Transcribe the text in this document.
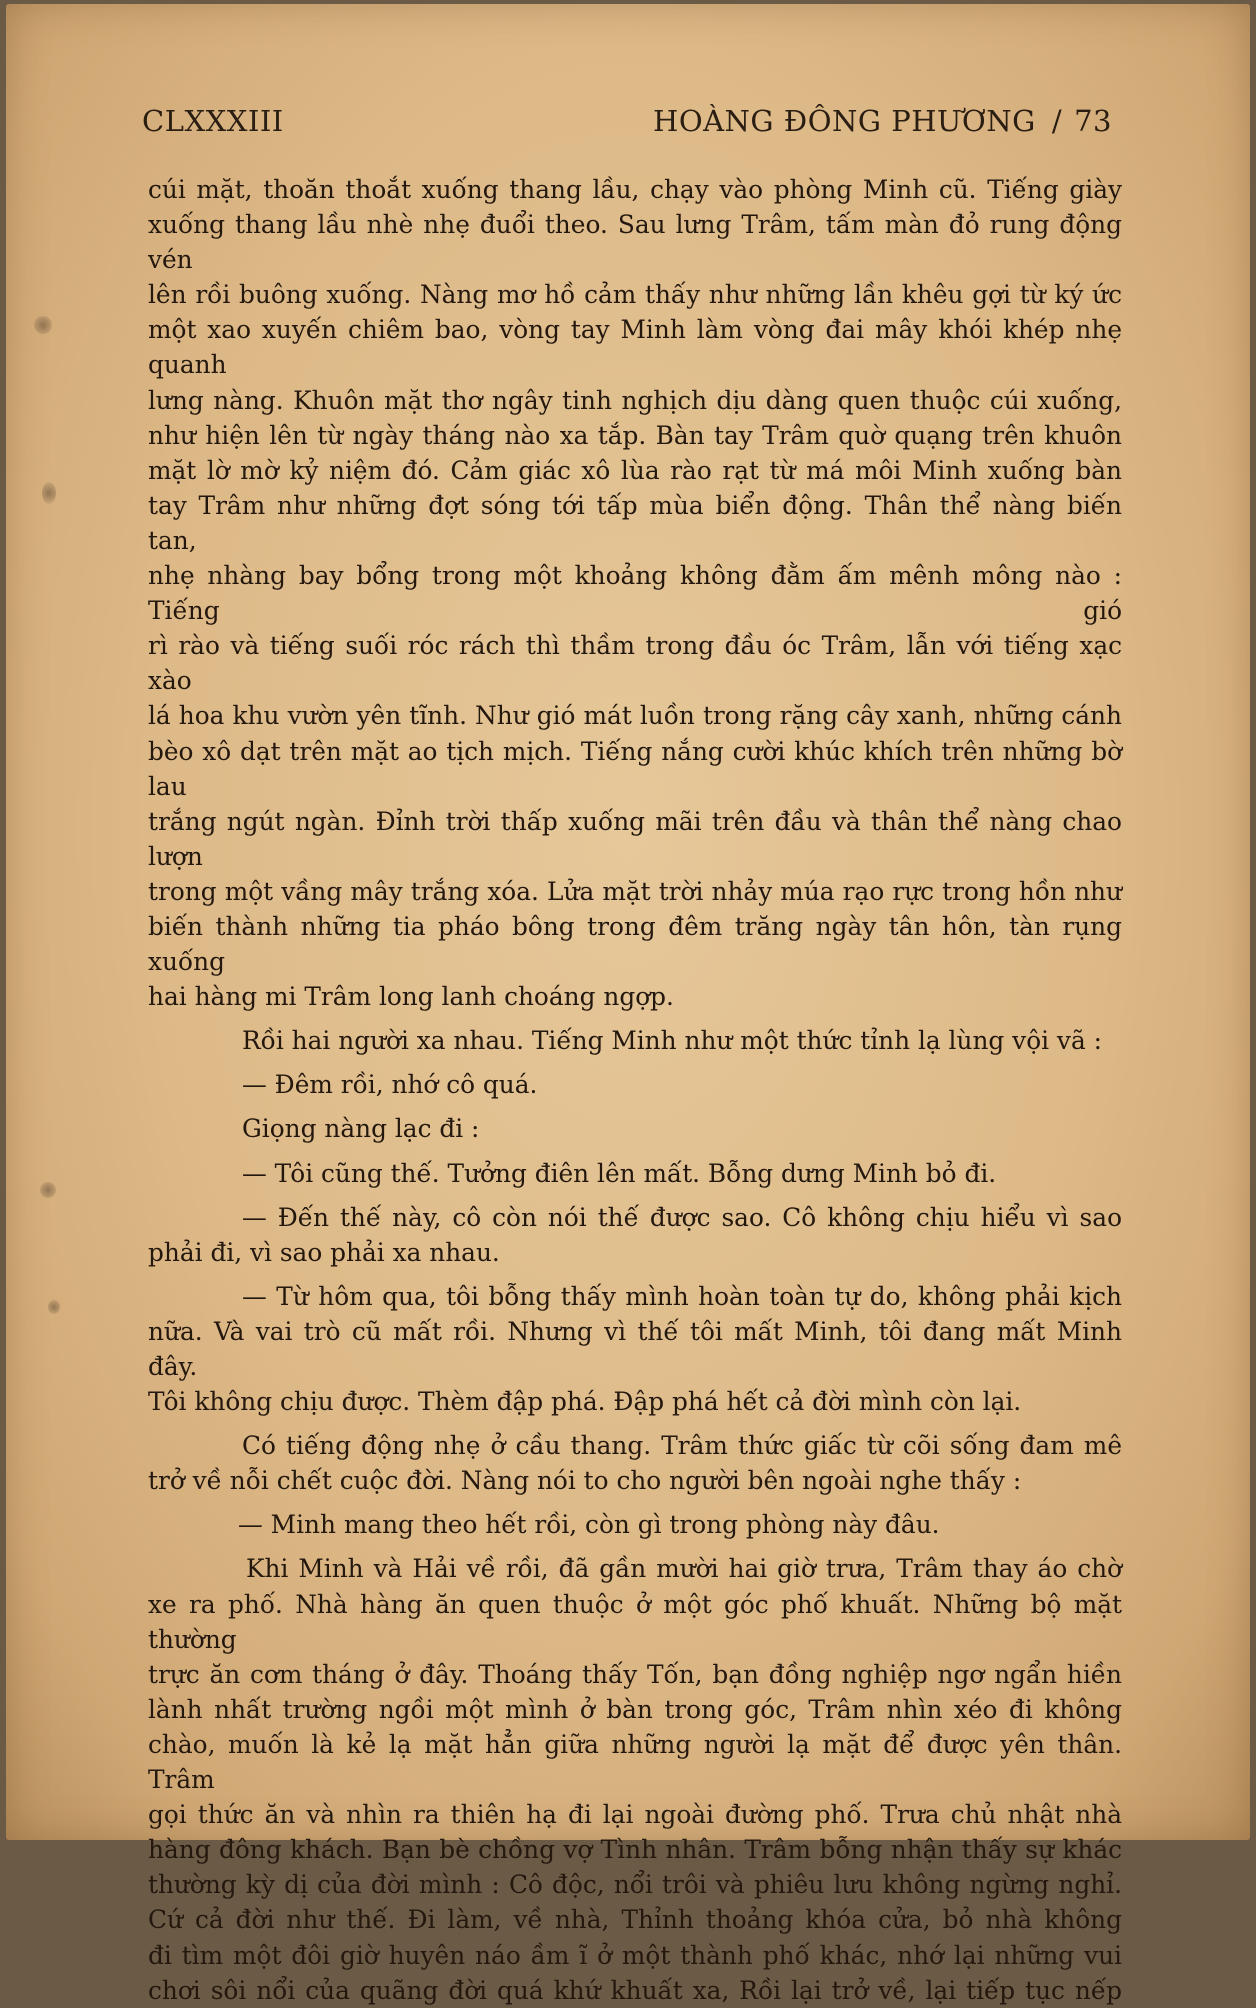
CLXXXIII	HOÀNG ĐÔNG PHƯƠNG / 73

cúi mặt, thoăn thoắt xuống thang lầu, chạy vào phòng Minh cũ. Tiếng giày
xuống thang lầu nhè nhẹ đuổi theo. Sau lưng Trâm, tấm màn đỏ rung động vén
lên rồi buông xuống. Nàng mơ hồ cảm thấy như những lần khêu gợi từ ký ức
một xao xuyến chiêm bao, vòng tay Minh làm vòng đai mây khói khép nhẹ quanh
lưng nàng. Khuôn mặt thơ ngây tinh nghịch dịu dàng quen thuộc cúi xuống,
như hiện lên từ ngày tháng nào xa tắp. Bàn tay Trâm quờ quạng trên khuôn
mặt lờ mờ kỷ niệm đó. Cảm giác xô lùa rào rạt từ má môi Minh xuống bàn
tay Trâm như những đợt sóng tới tấp mùa biển động. Thân thể nàng biến tan,
nhẹ nhàng bay bổng trong một khoảng không đằm ấm mênh mông nào : Tiếng gió
rì rào và tiếng suối róc rách thì thầm trong đầu óc Trâm, lẫn với tiếng xạc xào
lá hoa khu vườn yên tĩnh. Như gió mát luồn trong rặng cây xanh, những cánh
bèo xô dạt trên mặt ao tịch mịch. Tiếng nắng cười khúc khích trên những bờ lau
trắng ngút ngàn. Đỉnh trời thấp xuống mãi trên đầu và thân thể nàng chao lượn
trong một vầng mây trắng xóa. Lửa mặt trời nhảy múa rạo rực trong hồn như
biến thành những tia pháo bông trong đêm trăng ngày tân hôn, tàn rụng xuống
hai hàng mi Trâm long lanh choáng ngợp.

Rồi hai người xa nhau. Tiếng Minh như một thức tỉnh lạ lùng vội vã :

— Đêm rồi, nhớ cô quá.

Giọng nàng lạc đi :

— Tôi cũng thế. Tưởng điên lên mất. Bỗng dưng Minh bỏ đi.

— Đến thế này, cô còn nói thế được sao. Cô không chịu hiểu vì sao
phải đi, vì sao phải xa nhau.

— Từ hôm qua, tôi bỗng thấy mình hoàn toàn tự do, không phải kịch
nữa. Và vai trò cũ mất rồi. Nhưng vì thế tôi mất Minh, tôi đang mất Minh đây.
Tôi không chịu được. Thèm đập phá. Đập phá hết cả đời mình còn lại.

Có tiếng động nhẹ ở cầu thang. Trâm thức giấc từ cõi sống đam mê
trở về nỗi chết cuộc đời. Nàng nói to cho người bên ngoài nghe thấy :

— Minh mang theo hết rồi, còn gì trong phòng này đâu.

Khi Minh và Hải về rồi, đã gần mười hai giờ trưa, Trâm thay áo chờ
xe ra phố. Nhà hàng ăn quen thuộc ở một góc phố khuất. Những bộ mặt thường
trực ăn cơm tháng ở đây. Thoáng thấy Tốn, bạn đồng nghiệp ngơ ngẩn hiền
lành nhất trường ngồi một mình ở bàn trong góc, Trâm nhìn xéo đi không
chào, muốn là kẻ lạ mặt hẳn giữa những người lạ mặt để được yên thân. Trâm
gọi thức ăn và nhìn ra thiên hạ đi lại ngoài đường phố. Trưa chủ nhật nhà
hàng đông khách. Bạn bè chồng vợ Tình nhân. Trâm bỗng nhận thấy sự khác
thường kỳ dị của đời mình : Cô độc, nổi trôi và phiêu lưu không ngừng nghỉ.
Cứ cả đời như thế. Đi làm, về nhà, Thỉnh thoảng khóa cửa, bỏ nhà không
đi tìm một đôi giờ huyên náo ầm ĩ ở một thành phố khác, nhớ lại những vui
chơi sôi nổi của quãng đời quá khứ khuất xa, Rồi lại trở về, lại tiếp tục nếp
